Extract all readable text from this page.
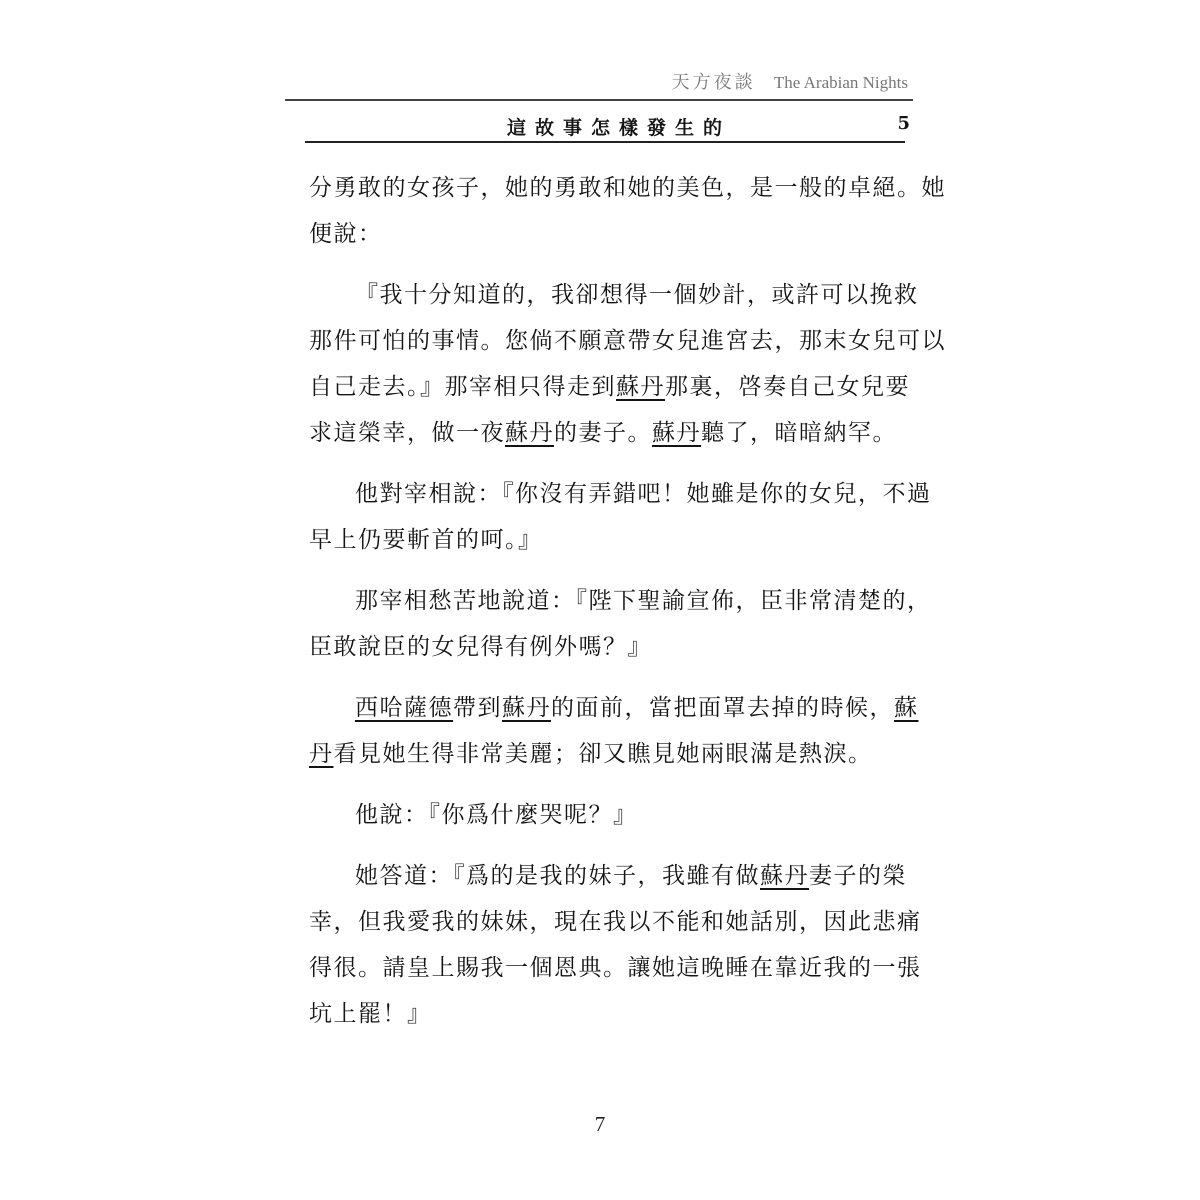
天方夜談 The Arabian Nights
這故事怎樣發生的	5
分勇敢的女孩子，她的勇敢和她的美色，是一般的卓絕。她
便說：
『我十分知道的，我卻想得一個妙計，或許可以挽救
那件可怕的事情。您倘不願意帶女兒進宮去，那末女兒可以
自己走去。』那宰相只得走到蘇丹那裏，啓奏自己女兒要
求這榮幸，做一夜蘇丹的妻子。蘇丹聽了，暗暗納罕。
他對宰相說：『你沒有弄錯吧！她雖是你的女兒，不過
早上仍要斬首的呵。』
那宰相愁苦地說道：『陛下聖諭宣佈，臣非常清楚的，
臣敢說臣的女兒得有例外嗎？』
西哈薩德帶到蘇丹的面前，當把面罩去掉的時候，蘇
丹看見她生得非常美麗；卻又瞧見她兩眼滿是熱淚。
他說：『你爲什麼哭呢？』
她答道：『爲的是我的妹子，我雖有做蘇丹妻子的榮
幸，但我愛我的妹妹，現在我以不能和她話別，因此悲痛
得很。請皇上賜我一個恩典。讓她這晚睡在靠近我的一張
坑上罷！』
7
